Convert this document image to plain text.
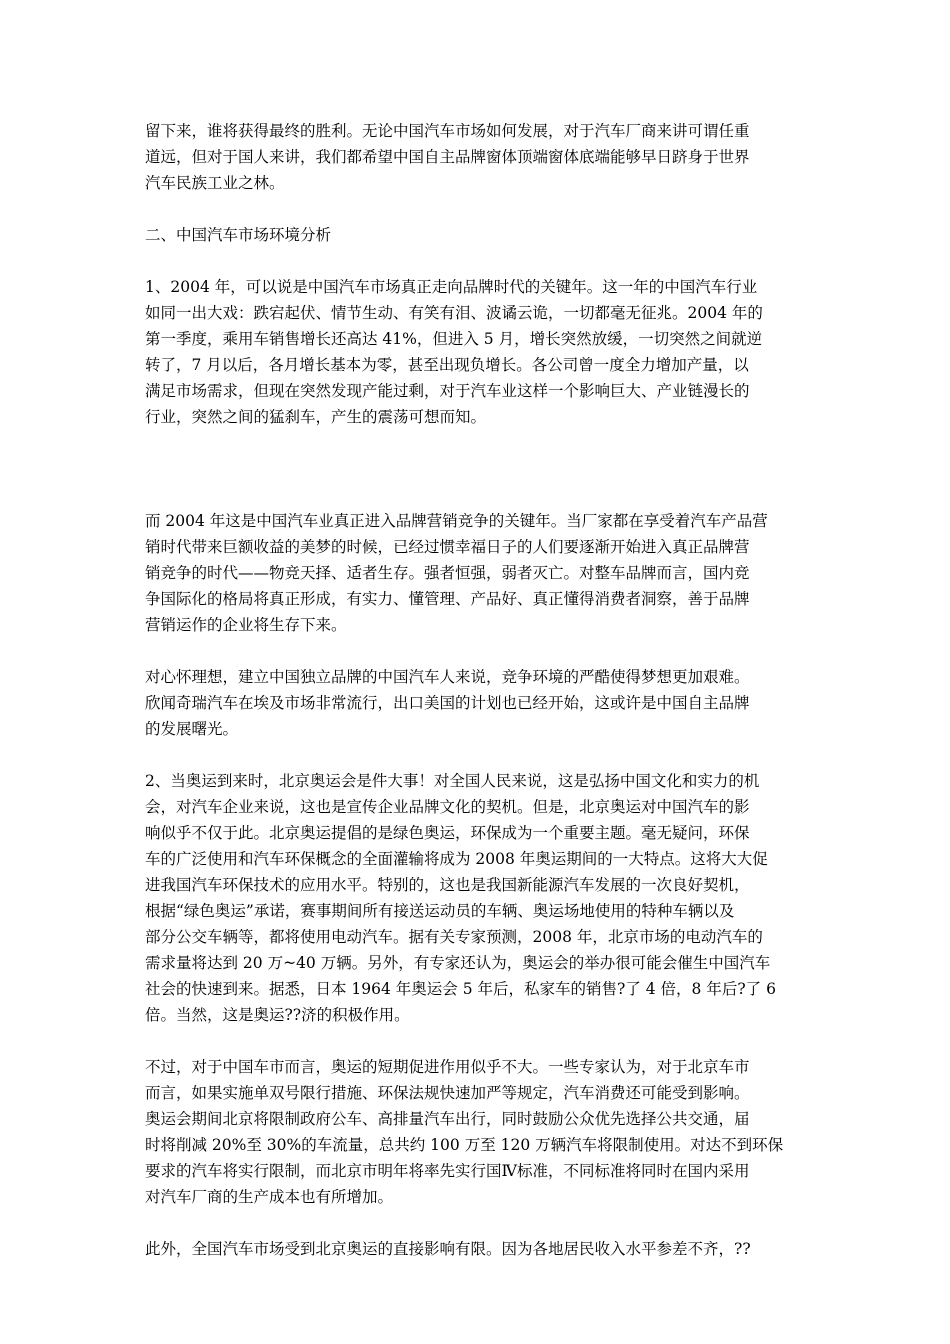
留下来，谁将获得最终的胜利。无论中国汽车市场如何发展，对于汽车厂商来讲可谓任重
道远，但对于国人来讲，我们都希望中国自主品牌窗体顶端窗体底端能够早日跻身于世界
汽车民族工业之林。

二、中国汽车市场环境分析

1、2004 年，可以说是中国汽车市场真正走向品牌时代的关键年。这一年的中国汽车行业
如同一出大戏：跌宕起伏、情节生动、有笑有泪、波谲云诡，一切都毫无征兆。2004 年的
第一季度，乘用车销售增长还高达 41%，但进入 5 月，增长突然放缓，一切突然之间就逆
转了，7 月以后，各月增长基本为零，甚至出现负增长。各公司曾一度全力增加产量，以
满足市场需求，但现在突然发现产能过剩，对于汽车业这样一个影响巨大、产业链漫长的
行业，突然之间的猛刹车，产生的震荡可想而知。

而 2004 年这是中国汽车业真正进入品牌营销竞争的关键年。当厂家都在享受着汽车产品营
销时代带来巨额收益的美梦的时候，已经过惯幸福日子的人们要逐渐开始进入真正品牌营
销竞争的时代——物竞天择、适者生存。强者恒强，弱者灭亡。对整车品牌而言，国内竞
争国际化的格局将真正形成，有实力、懂管理、产品好、真正懂得消费者洞察，善于品牌
营销运作的企业将生存下来。

对心怀理想，建立中国独立品牌的中国汽车人来说，竞争环境的严酷使得梦想更加艰难。
欣闻奇瑞汽车在埃及市场非常流行，出口美国的计划也已经开始，这或许是中国自主品牌
的发展曙光。

2、当奥运到来时，北京奥运会是件大事！对全国人民来说，这是弘扬中国文化和实力的机
会，对汽车企业来说，这也是宣传企业品牌文化的契机。但是，北京奥运对中国汽车的影
响似乎不仅于此。北京奥运提倡的是绿色奥运，环保成为一个重要主题。毫无疑问，环保
车的广泛使用和汽车环保概念的全面灌输将成为 2008 年奥运期间的一大特点。这将大大促
进我国汽车环保技术的应用水平。特别的，这也是我国新能源汽车发展的一次良好契机，
根据“绿色奥运”承诺，赛事期间所有接送运动员的车辆、奥运场地使用的特种车辆以及
部分公交车辆等，都将使用电动汽车。据有关专家预测，2008 年，北京市场的电动汽车的
需求量将达到 20 万~40 万辆。另外，有专家还认为，奥运会的举办很可能会催生中国汽车
社会的快速到来。据悉，日本 1964 年奥运会 5 年后，私家车的销售?了 4 倍，8 年后?了 6
倍。当然，这是奥运??济的积极作用。

不过，对于中国车市而言，奥运的短期促进作用似乎不大。一些专家认为，对于北京车市
而言，如果实施单双号限行措施、环保法规快速加严等规定，汽车消费还可能受到影响。
奥运会期间北京将限制政府公车、高排量汽车出行，同时鼓励公众优先选择公共交通，届
时将削减 20%至 30%的车流量，总共约 100 万至 120 万辆汽车将限制使用。对达不到环保
要求的汽车将实行限制，而北京市明年将率先实行国Ⅳ标准，不同标准将同时在国内采用
对汽车厂商的生产成本也有所增加。

此外，全国汽车市场受到北京奥运的直接影响有限。因为各地居民收入水平参差不齐，??
